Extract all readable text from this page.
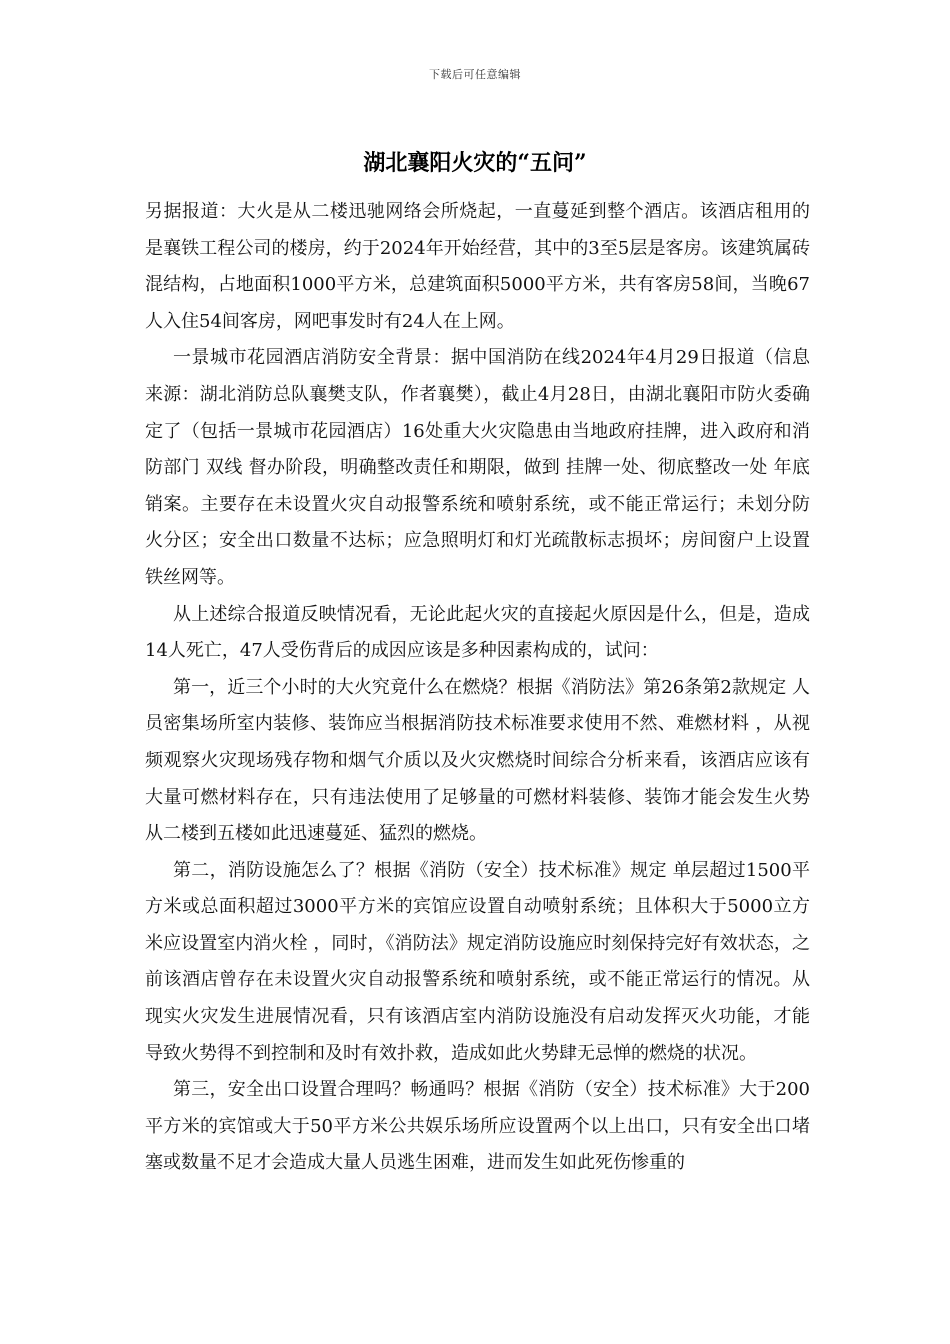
下载后可任意编辑
湖北襄阳火灾的“五问”

另据报道：大火是从二楼迅驰网络会所烧起，一直蔓延到整个酒店。该酒店租用的是襄铁工程公司的楼房，约于2024年开始经营，其中的3至5层是客房。该建筑属砖混结构，占地面积1000平方米，总建筑面积5000平方米，共有客房58间，当晚67人入住54间客房，网吧事发时有24人在上网。

一景城市花园酒店消防安全背景：据中国消防在线2024年4月29日报道（信息来源：湖北消防总队襄樊支队，作者襄樊），截止4月28日，由湖北襄阳市防火委确定了（包括一景城市花园酒店）16处重大火灾隐患由当地政府挂牌，进入政府和消防部门 双线 督办阶段，明确整改责任和期限，做到 挂牌一处、彻底整改一处 年底销案。主要存在未设置火灾自动报警系统和喷射系统，或不能正常运行；未划分防火分区；安全出口数量不达标；应急照明灯和灯光疏散标志损坏；房间窗户上设置铁丝网等。

从上述综合报道反映情况看，无论此起火灾的直接起火原因是什么，但是，造成14人死亡，47人受伤背后的成因应该是多种因素构成的，试问：

第一，近三个小时的大火究竟什么在燃烧？根据《消防法》第26条第2款规定 人员密集场所室内装修、装饰应当根据消防技术标准要求使用不然、难燃材料 ，从视频观察火灾现场残存物和烟气介质以及火灾燃烧时间综合分析来看，该酒店应该有大量可燃材料存在，只有违法使用了足够量的可燃材料装修、装饰才能会发生火势从二楼到五楼如此迅速蔓延、猛烈的燃烧。

第二，消防设施怎么了？根据《消防（安全）技术标准》规定 单层超过1500平方米或总面积超过3000平方米的宾馆应设置自动喷射系统；且体积大于5000立方米应设置室内消火栓 ，同时，《消防法》规定消防设施应时刻保持完好有效状态，之前该酒店曾存在未设置火灾自动报警系统和喷射系统，或不能正常运行的情况。从现实火灾发生进展情况看，只有该酒店室内消防设施没有启动发挥灭火功能，才能导致火势得不到控制和及时有效扑救，造成如此火势肆无忌惮的燃烧的状况。

第三，安全出口设置合理吗？畅通吗？根据《消防（安全）技术标准》大于200平方米的宾馆或大于50平方米公共娱乐场所应设置两个以上出口，只有安全出口堵塞或数量不足才会造成大量人员逃生困难，进而发生如此死伤惨重的
